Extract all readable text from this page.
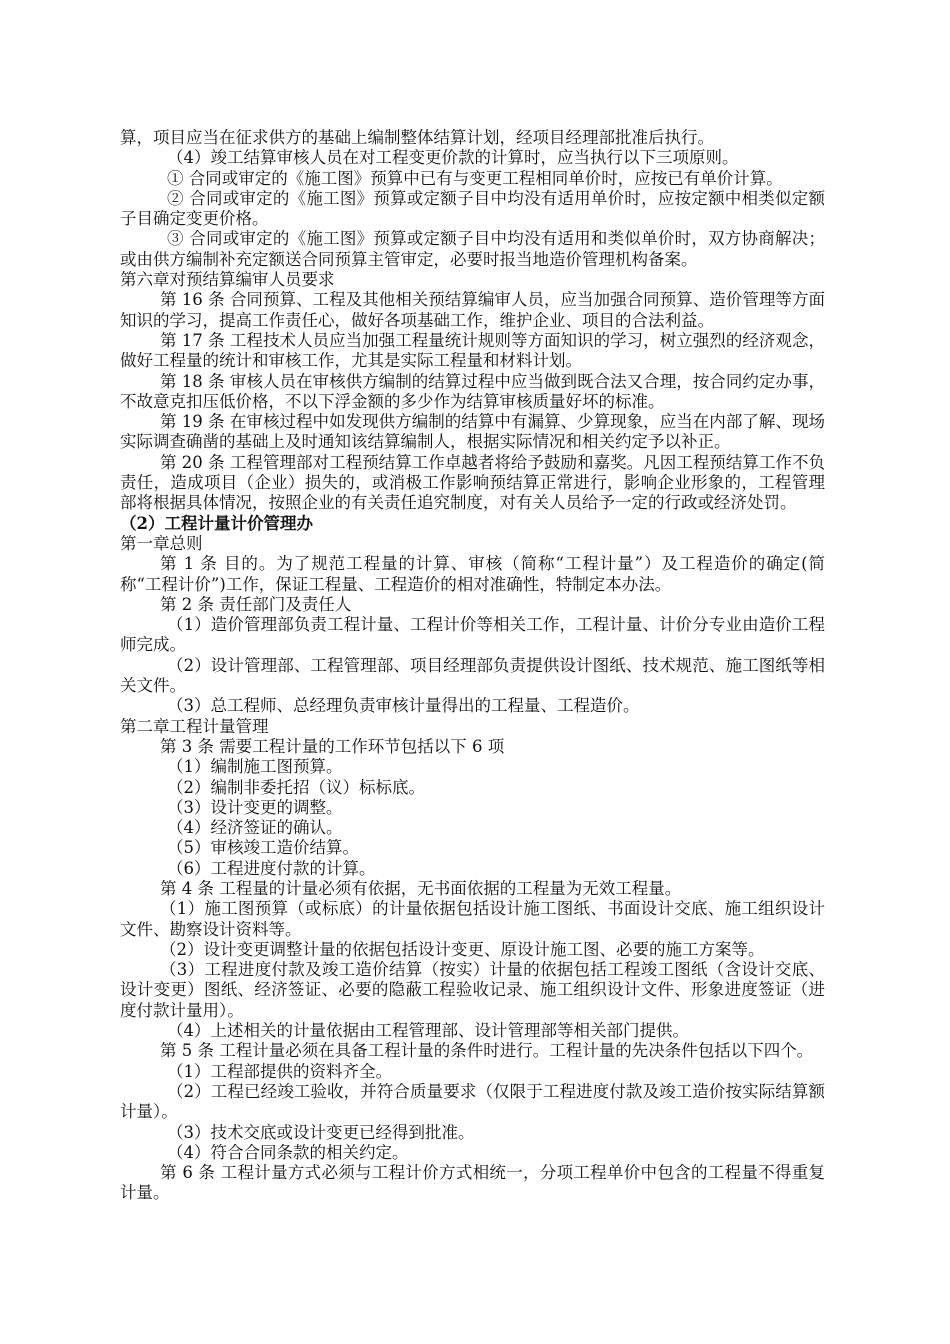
算，项目应当在征求供方的基础上编制整体结算计划，经项目经理部批准后执行。

（4）竣工结算审核人员在对工程变更价款的计算时，应当执行以下三项原则。

① 合同或审定的《施工图》预算中已有与变更工程相同单价时，应按已有单价计算。

② 合同或审定的《施工图》预算或定额子目中均没有适用单价时，应按定额中相类似定额子目确定变更价格。

③ 合同或审定的《施工图》预算或定额子目中均没有适用和类似单价时，双方协商解决；或由供方编制补充定额送合同预算主管审定，必要时报当地造价管理机构备案。

第六章对预结算编审人员要求

第 16 条 合同预算、工程及其他相关预结算编审人员，应当加强合同预算、造价管理等方面知识的学习，提高工作责任心，做好各项基础工作，维护企业、项目的合法利益。

第 17 条 工程技术人员应当加强工程量统计规则等方面知识的学习，树立强烈的经济观念，做好工程量的统计和审核工作，尤其是实际工程量和材料计划。

第 18 条 审核人员在审核供方编制的结算过程中应当做到既合法又合理，按合同约定办事，不故意克扣压低价格，不以下浮金额的多少作为结算审核质量好坏的标准。

第 19 条 在审核过程中如发现供方编制的结算中有漏算、少算现象，应当在内部了解、现场实际调查确凿的基础上及时通知该结算编制人，根据实际情况和相关约定予以补正。

第 20 条 工程管理部对工程预结算工作卓越者将给予鼓励和嘉奖。凡因工程预结算工作不负责任，造成项目（企业）损失的，或消极工作影响预结算正常进行，影响企业形象的，工程管理部将根据具体情况，按照企业的有关责任追究制度，对有关人员给予一定的行政或经济处罚。

（2）工程计量计价管理办

第一章总则

第 1 条 目的。为了规范工程量的计算、审核（简称“工程计量”）及工程造价的确定(简称“工程计价”)工作，保证工程量、工程造价的相对准确性，特制定本办法。

第 2 条 责任部门及责任人

（1）造价管理部负责工程计量、工程计价等相关工作，工程计量、计价分专业由造价工程师完成。

（2）设计管理部、工程管理部、项目经理部负责提供设计图纸、技术规范、施工图纸等相关文件。

（3）总工程师、总经理负责审核计量得出的工程量、工程造价。

第二章工程计量管理

第 3 条 需要工程计量的工作环节包括以下 6 项

（1）编制施工图预算。

（2）编制非委托招（议）标标底。

（3）设计变更的调整。

（4）经济签证的确认。

（5）审核竣工造价结算。

（6）工程进度付款的计算。

第 4 条 工程量的计量必须有依据，无书面依据的工程量为无效工程量。

（1）施工图预算（或标底）的计量依据包括设计施工图纸、书面设计交底、施工组织设计文件、勘察设计资料等。

（2）设计变更调整计量的依据包括设计变更、原设计施工图、必要的施工方案等。

（3）工程进度付款及竣工造价结算（按实）计量的依据包括工程竣工图纸（含设计交底、设计变更）图纸、经济签证、必要的隐蔽工程验收记录、施工组织设计文件、形象进度签证（进度付款计量用）。

（4）上述相关的计量依据由工程管理部、设计管理部等相关部门提供。

第 5 条 工程计量必须在具备工程计量的条件时进行。工程计量的先决条件包括以下四个。

（1）工程部提供的资料齐全。

（2）工程已经竣工验收，并符合质量要求（仅限于工程进度付款及竣工造价按实际结算额计量）。

（3）技术交底或设计变更已经得到批准。

（4）符合合同条款的相关约定。

第 6 条 工程计量方式必须与工程计价方式相统一，分项工程单价中包含的工程量不得重复计量。
